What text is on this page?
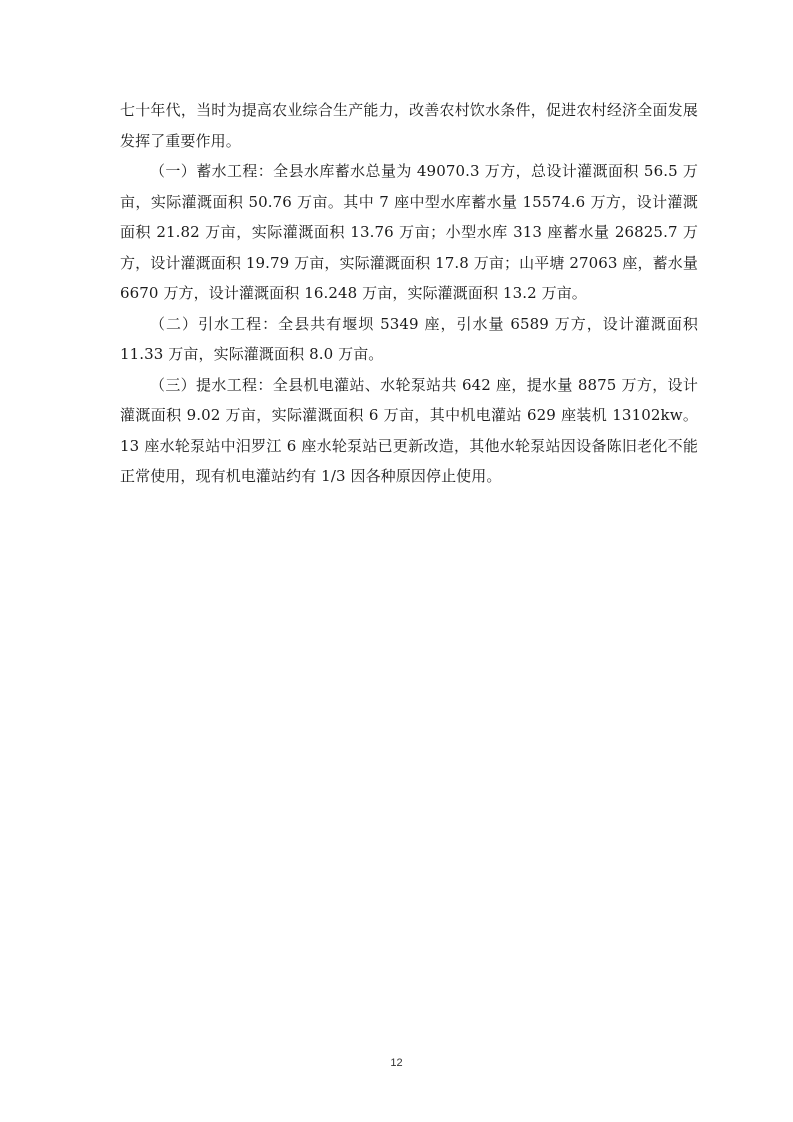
七十年代，当时为提高农业综合生产能力，改善农村饮水条件，促进农村经济全面发展发挥了重要作用。

（一）蓄水工程：全县水库蓄水总量为 49070.3 万方，总设计灌溉面积 56.5 万亩，实际灌溉面积 50.76 万亩。其中 7 座中型水库蓄水量 15574.6 万方，设计灌溉面积 21.82 万亩，实际灌溉面积 13.76 万亩；小型水库 313 座蓄水量 26825.7 万方，设计灌溉面积 19.79 万亩，实际灌溉面积 17.8 万亩；山平塘 27063 座，蓄水量 6670 万方，设计灌溉面积 16.248 万亩，实际灌溉面积 13.2 万亩。

（二）引水工程：全县共有堰坝 5349 座，引水量 6589 万方，设计灌溉面积 11.33 万亩，实际灌溉面积 8.0 万亩。

（三）提水工程：全县机电灌站、水轮泵站共 642 座，提水量 8875 万方，设计灌溉面积 9.02 万亩，实际灌溉面积 6 万亩，其中机电灌站 629 座装机 13102kw。13 座水轮泵站中汨罗江 6 座水轮泵站已更新改造，其他水轮泵站因设备陈旧老化不能正常使用，现有机电灌站约有 1/3 因各种原因停止使用。

12
